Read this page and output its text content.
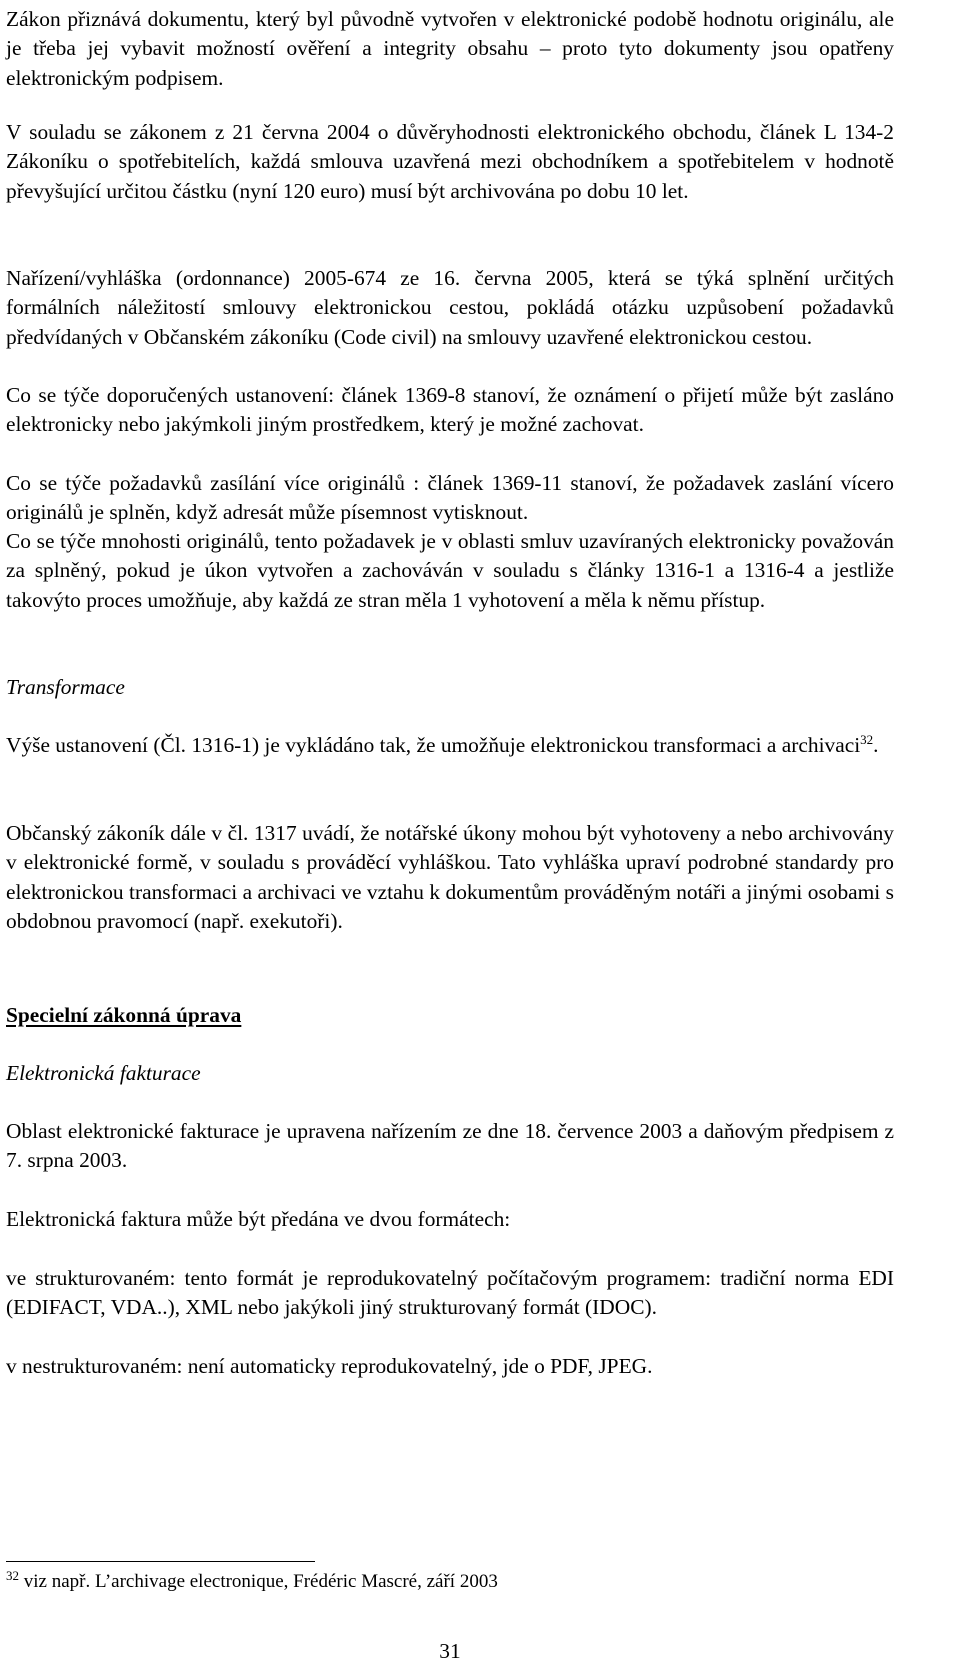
Zákon přiznává dokumentu, který byl původně vytvořen v elektronické podobě hodnotu originálu, ale je třeba jej vybavit možností ověření a integrity obsahu – proto tyto dokumenty jsou opatřeny elektronickým podpisem.

V souladu se zákonem z 21 června 2004 o důvěryhodnosti elektronického obchodu, článek L 134-2 Zákoníku o spotřebitelích, každá smlouva uzavřená mezi obchodníkem a spotřebitelem v hodnotě převyšující určitou částku (nyní 120 euro) musí být archivována po dobu 10 let.

Nařízení/vyhláška (ordonnance) 2005-674 ze 16. června 2005, která se týká splnění určitých formálních náležitostí smlouvy elektronickou cestou, pokládá otázku uzpůsobení požadavků předvídaných v Občanském zákoníku (Code civil) na smlouvy uzavřené elektronickou cestou.

Co se týče doporučených ustanovení: článek 1369-8 stanoví, že oznámení o přijetí může být zasláno elektronicky nebo jakýmkoli jiným prostředkem, který je možné zachovat.

Co se týče požadavků zasílání více originálů : článek 1369-11 stanoví, že požadavek zaslání vícero originálů je splněn, když adresát může písemnost vytisknout.

Co se týče mnohosti originálů, tento požadavek je v oblasti smluv uzavíraných elektronicky považován za splněný, pokud je úkon vytvořen a zachováván v souladu s články 1316-1 a 1316-4 a jestliže takovýto proces umožňuje, aby každá ze stran měla 1 vyhotovení a měla k němu přístup.

Transformace

Výše ustanovení (Čl. 1316-1) je vykládáno tak, že umožňuje elektronickou transformaci a archivaci$^{32}$.

Občanský zákoník dále v čl. 1317 uvádí, že notářské úkony mohou být vyhotoveny a nebo archivovány v elektronické formě, v souladu s prováděcí vyhláškou. Tato vyhláška upraví podrobné standardy pro elektronickou transformaci a archivaci ve vztahu k dokumentům prováděným notáři a jinými osobami s obdobnou pravomocí (např. exekutoři).

Specielní zákonná úprava

Elektronická fakturace

Oblast elektronické fakturace je upravena nařízením ze dne 18. července 2003 a daňovým předpisem z 7. srpna 2003.

Elektronická faktura může být předána ve dvou formátech:

ve strukturovaném: tento formát je reprodukovatelný počítačovým programem: tradiční norma EDI (EDIFACT, VDA..), XML nebo jakýkoli jiný strukturovaný formát (IDOC).

v nestrukturovaném: není automaticky reprodukovatelný, jde o PDF, JPEG.

$^{32}$ viz např. L’archivage electronique, Frédéric Mascré, září 2003
31
